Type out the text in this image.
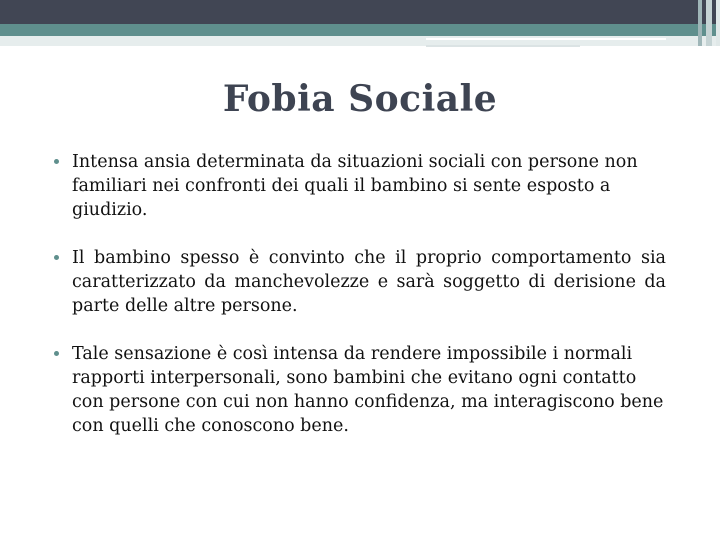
Fobia Sociale
Intensa ansia determinata da situazioni sociali con persone non familiari nei confronti dei quali il bambino si sente esposto a giudizio.
Il bambino spesso è convinto che il proprio comportamento sia caratterizzato da manchevolezze e sarà soggetto di derisione da parte delle altre persone.
Tale sensazione è così intensa da rendere impossibile i normali rapporti interpersonali, sono bambini che evitano ogni contatto con persone con cui non hanno confidenza, ma interagiscono bene con quelli che conoscono bene.
